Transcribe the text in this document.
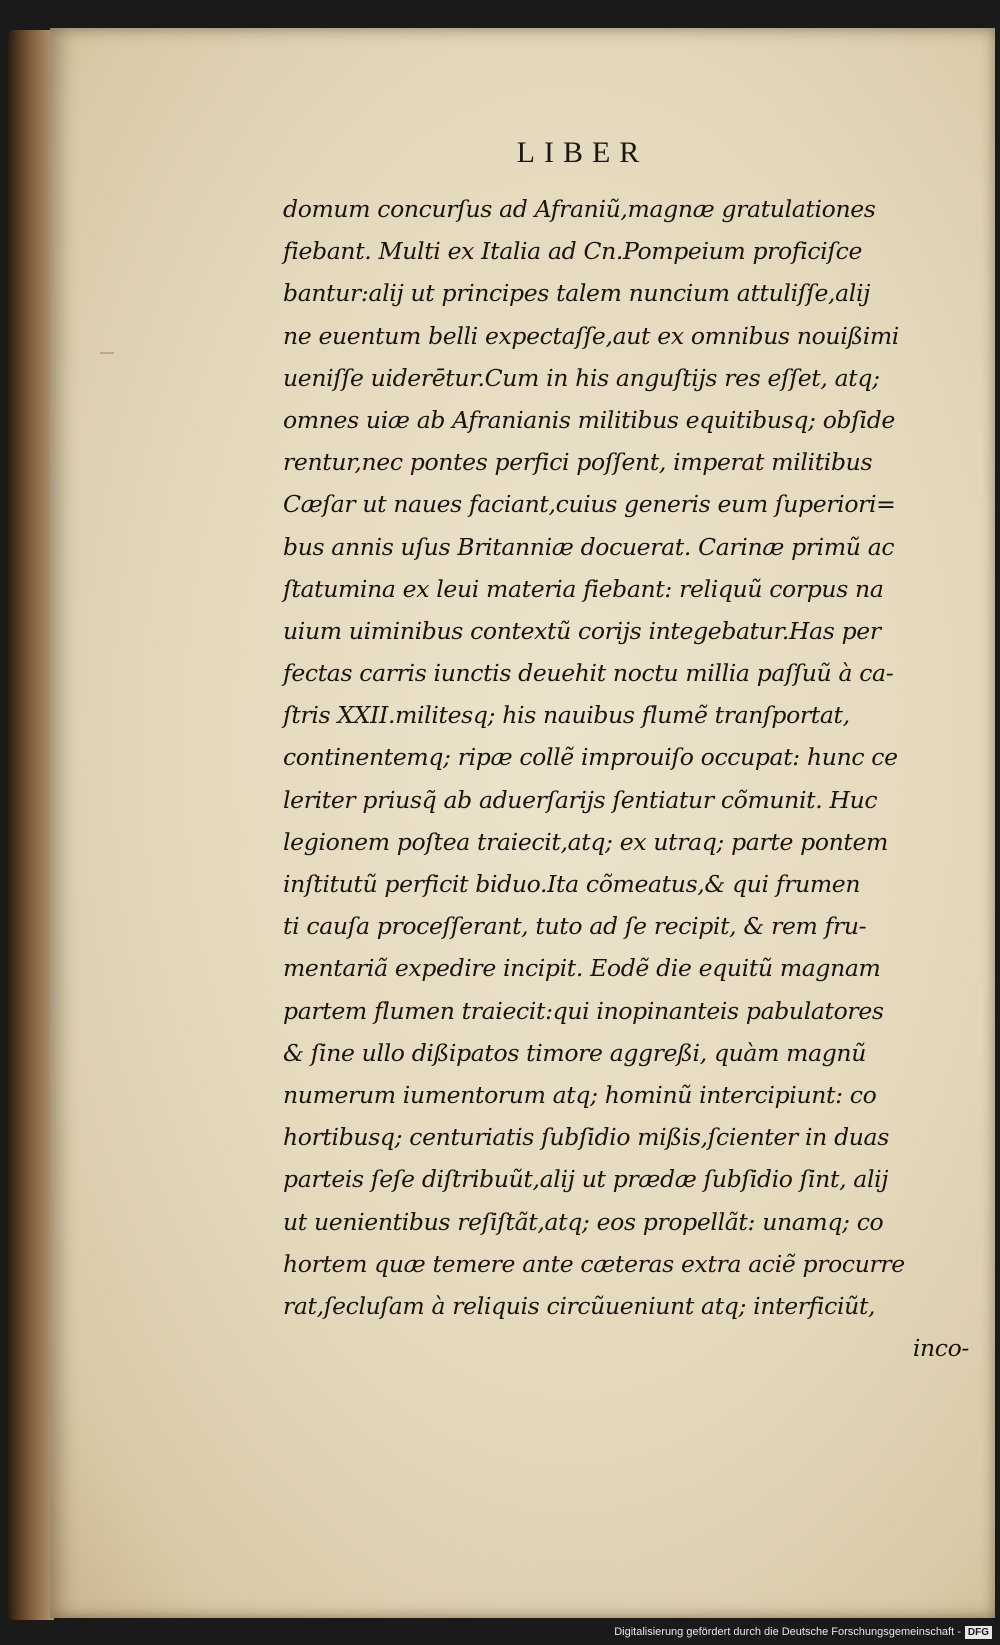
LIBER
domum concurſus ad Afraniũ,magnæ gratulationes
fiebant. Multi ex Italia ad Cn.Pompeium proficiſce
bantur:alij ut principes talem nuncium attuliſſe,alij
ne euentum belli expectaſſe,aut ex omnibus nouißimi
ueniſſe uiderētur.Cum in his anguſtijs res eſſet, atq;
omnes uiæ ab Afranianis militibus equitibusq; obſide
rentur,nec pontes perfici poſſent, imperat militibus
Cæſar ut naues faciant,cuius generis eum ſuperiori=
bus annis uſus Britanniæ docuerat. Carinæ primũ ac
ſtatumina ex leui materia fiebant: reliquũ corpus na
uium uiminibus contextũ corijs integebatur.Has per
fectas carris iunctis deuehit noctu millia paſſuũ à ca-
ſtris XXII.militesq; his nauibus flumẽ tranſportat,
continentemq; ripæ collẽ improuiſo occupat: hunc ce
leriter priusq̃ ab aduerſarijs ſentiatur cõmunit. Huc
legionem poſtea traiecit,atq; ex utraq; parte pontem
inſtitutũ perficit biduo.Ita cõmeatus,& qui frumen
ti cauſa proceſſerant, tuto ad ſe recipit, & rem fru-
mentariã expedire incipit. Eodẽ die equitũ magnam
partem flumen traiecit:qui inopinanteis pabulatores
& ſine ullo dißipatos timore aggreßi, quàm magnũ
numerum iumentorum atq; hominũ intercipiunt: co
hortibusq; centuriatis ſubſidio mißis,ſcienter in duas
parteis ſeſe diſtribuũt,alij ut prædæ ſubſidio ſint, alij
ut uenientibus reſiſtãt,atq; eos propellãt: unamq; co
hortem quæ temere ante cæteras extra aciẽ procurre
rat,ſecluſam à reliquis circũueniunt atq; interficiũt,
inco-
Digitalisierung gefördert durch die Deutsche Forschungsgemeinschaft - DFG
